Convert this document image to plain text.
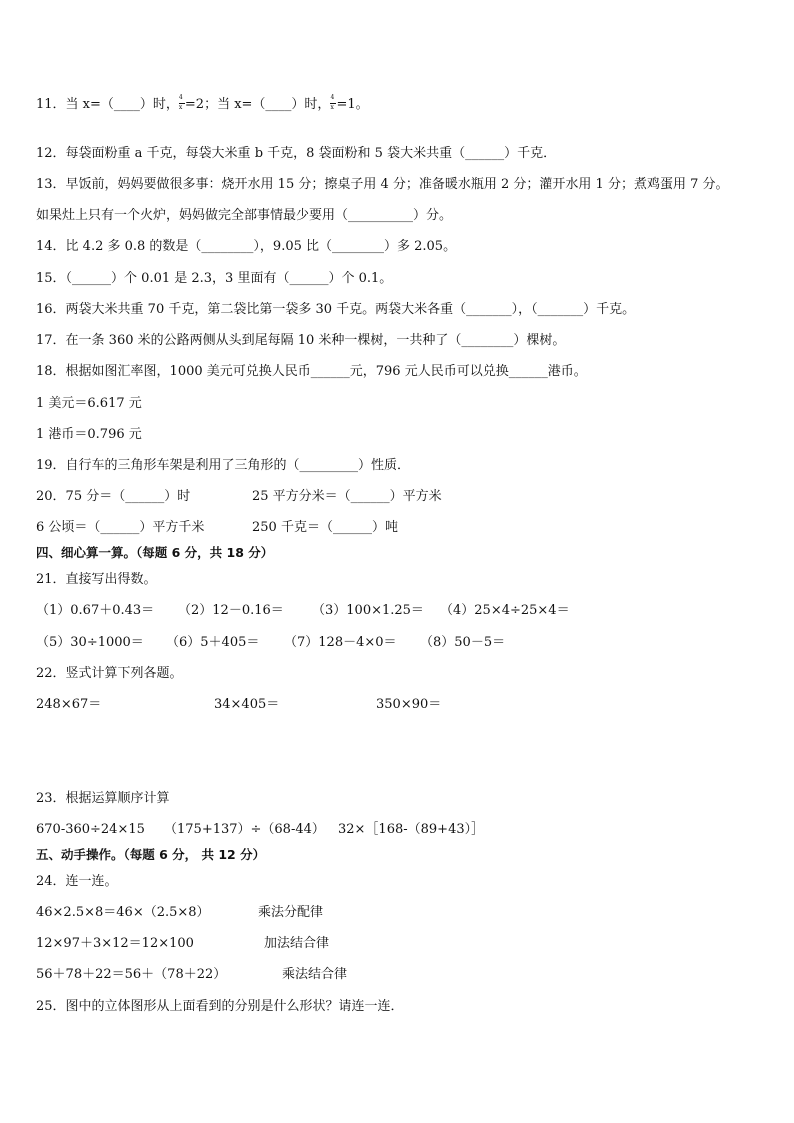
11．当 x=（____）时， $\frac{4}{x} =2$；当 x=（____）时， $\frac{4}{x} =1$。
12．每袋面粉重 a 千克，每袋大米重 b 千克，8 袋面粉和 5 袋大米共重（______）千克．
13．早饭前，妈妈要做很多事：烧开水用 15 分；擦桌子用 4 分；准备暖水瓶用 2 分；灌开水用 1 分；煮鸡蛋用 7 分。
如果灶上只有一个火炉，妈妈做完全部事情最少要用（__________）分。
14．比 4.2 多 0.8 的数是（________），9.05 比（________）多 2.05。
15．（______）个 0.01 是 2.3，3 里面有（______）个 0.1。
16．两袋大米共重 70 千克，第二袋比第一袋多 30 千克。两袋大米各重（_______），（_______）千克。
17．在一条 360 米的公路两侧从头到尾每隔 10 米种一棵树，一共种了（________）棵树。
18．根据如图汇率图，1000 美元可兑换人民币______元，796 元人民币可以兑换______港币。
1 美元＝6.617 元
1 港币＝0.796 元
19．自行车的三角形车架是利用了三角形的（_________）性质．
20．75 分＝（______）时	25 平方分米＝（______）平方米
6 公顷＝（______）平方千米	250 千克＝（______）吨
四、细心算一算。（每题 6 分，共 18 分）
21．直接写出得数。
（1）0.67＋0.43＝ （2）12－0.16＝ （3）100×1.25＝ （4）25×4÷25×4＝
（5）30÷1000＝ （6）5＋405＝ （7）128－4×0＝ （8）50－5＝
22．竖式计算下列各题。
248×67＝	34×405＝	350×90＝
23．根据运算顺序计算
670-360÷24×15 （175+137）÷（68-44） 32×［168-（89+43）］
五、动手操作。（每题 6 分， 共 12 分）
24．连一连。
46×2.5×8＝46×（2.5×8）	乘法分配律
12×97＋3×12＝12×100	加法结合律
56＋78＋22＝56＋（78＋22）	乘法结合律
25．图中的立体图形从上面看到的分别是什么形状？请连一连．
